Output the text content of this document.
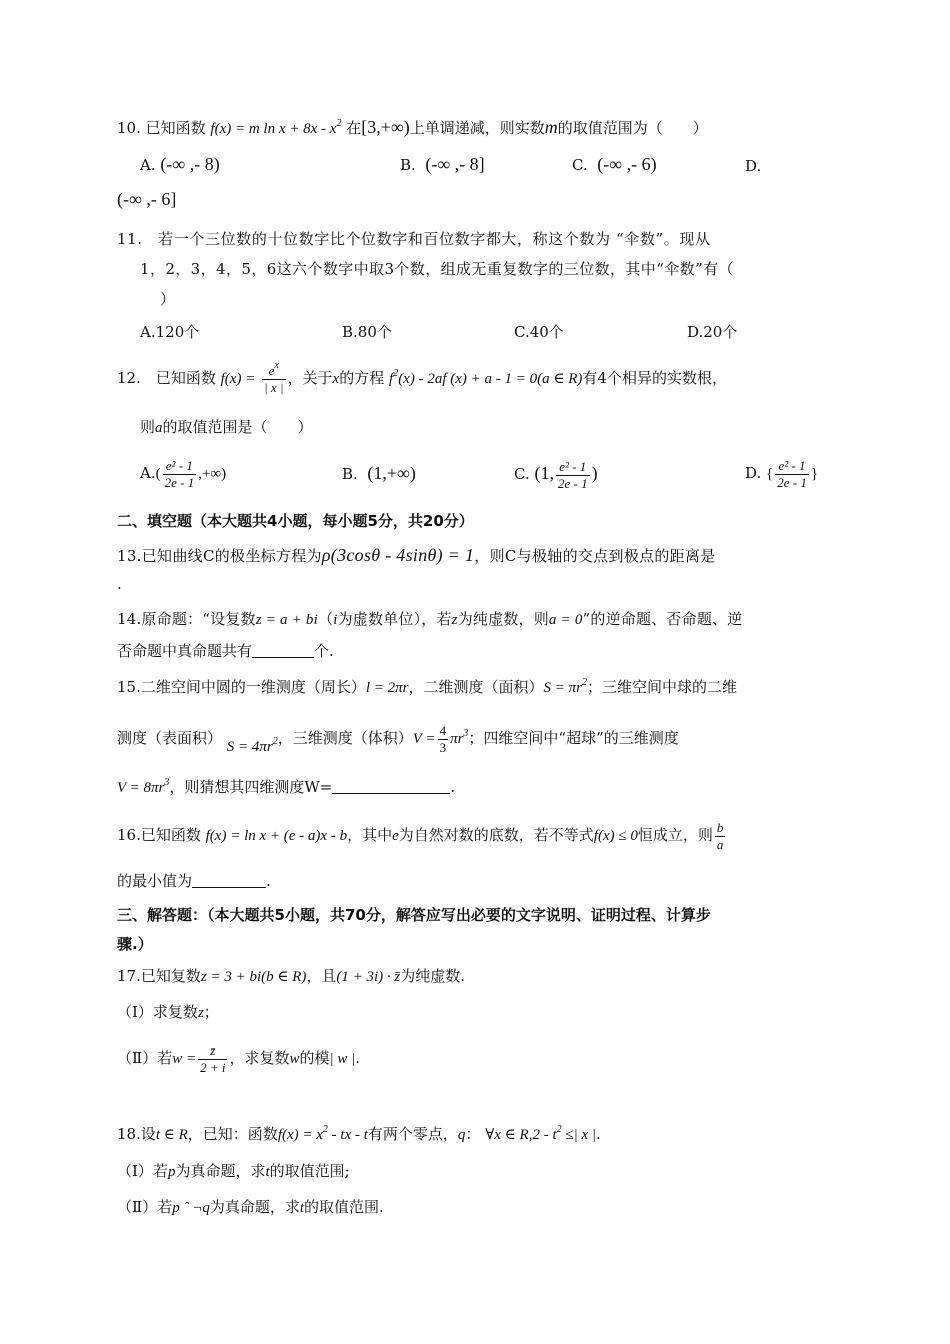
10. 已知函数 f(x) = m $\ln x + 8x - x^2$ 在[3,+∞)上单调递减，则实数m的取值范围为（　　）
A. (-∞ ,- 8)	B. (-∞ ,- 8]	C. (-∞ ,- 6)	D.
(-∞ ,- 6]
11.　若一个三位数的十位数字比个位数字和百位数字都大，称这个数为 “伞数”。现从
1，2，3，4，5，6这六个数字中取3个数，组成无重复数字的三位数，其中“伞数”有（
）
A.120个	B.80个	C.40个	D.20个
12.　已知函数 $f(x) = \frac{e^x}{| x |}$ ，关于x的方程 $f^2(x) - 2af$ (x) + a - 1 = 0(a ∈ R)有4个相异的实数根，
则a的取值范围是（　　）
$A.( \frac{\text{e² - 1}}{2e - 1}$ ,+∞)	B. (1,+∞)	C. (1, $\frac{\text{e² - 1}}{2e - 1}$ )	D. { $\frac{\text{e² - 1}}{2e - 1}$ }
二、填空题（本大题共4小题，每小题5分，共20分）
13.已知曲线C的极坐标方程为ρ(3cosθ - 4sinθ) = 1，则C与极轴的交点到极点的距离是
.
14.原命题：“设复数z = a + bi（i为虚数单位），若z为纯虚数，则a = 0”的逆命题、否命题、逆
否命题中真命题共有	个.
15.二维空间中圆的一维测度（周长）l = 2πr，二维测度（面积）$S = \pi r^2$；三维空间中球的二维
测度（表面积） $S = 4\pi r^2$，三维测度（体积）$V = \frac{4}{3} \pi r^3$；四维空间中“超球”的三维测度
$V = 8\pi r^3$，则猜想其四维测度W=	.
16.已知函数 f(x) = ln x + (e - a)x - b，其中e为自然对数的底数，若不等式f(x) ≤ 0恒成立，则 $\frac{b}{a}$
的最小值为	.
三、解答题：（本大题共5小题，共70分，解答应写出必要的文字说明、证明过程、计算步
骤.）
17.已知复数z = 3 + bi(b ∈ R)，且(1 + 3i) · z̄为纯虚数.
（Ⅰ）求复数z；
（Ⅱ）若$w = \frac{z̄}{2 + i}$ ，求复数w的模| w |.
18.设t ∈ R，已知：函数$f(x) = x^2$ - tx - t有两个零点，q： ∀x ∈ $R,2 - t^2$ ≤| x |.
（Ⅰ）若p为真命题，求t的取值范围;
（Ⅱ）若p ˆ ¬q为真命题，求t的取值范围.
